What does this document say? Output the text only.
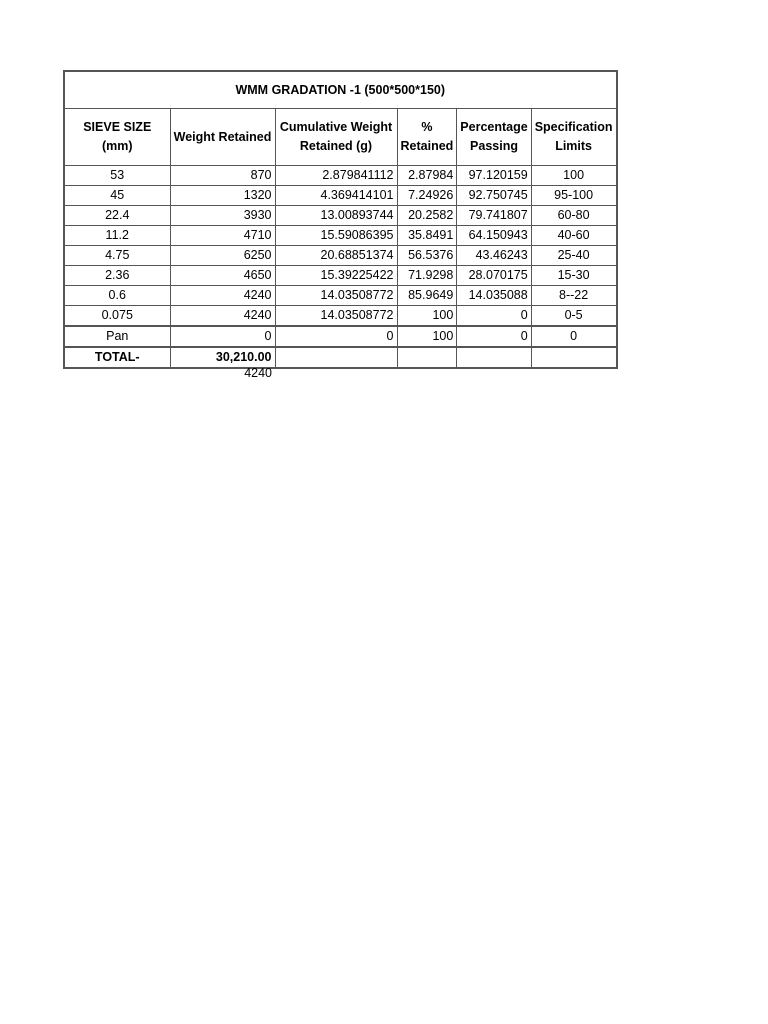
WMM GRADATION -1 (500*500*150)					
SIEVE SIZE (mm)	Weight Retained	Cumulative Weight Retained (g)	% Retained	Percentage Passing	Specification Limits
53	870	2.879841112	2.87984	97.120159	100
45	1320	4.369414101	7.24926	92.750745	95-100
22.4	3930	13.00893744	20.2582	79.741807	60-80
11.2	4710	15.59086395	35.8491	64.150943	40-60
4.75	6250	20.68851374	56.5376	43.46243	25-40
2.36	4650	15.39225422	71.9298	28.070175	15-30
0.6	4240	14.03508772	85.9649	14.035088	8--22
0.075	4240	14.03508772	100	0	0-5
Pan	0	0	100	0	0
TOTAL-	30,210.00				
4240
